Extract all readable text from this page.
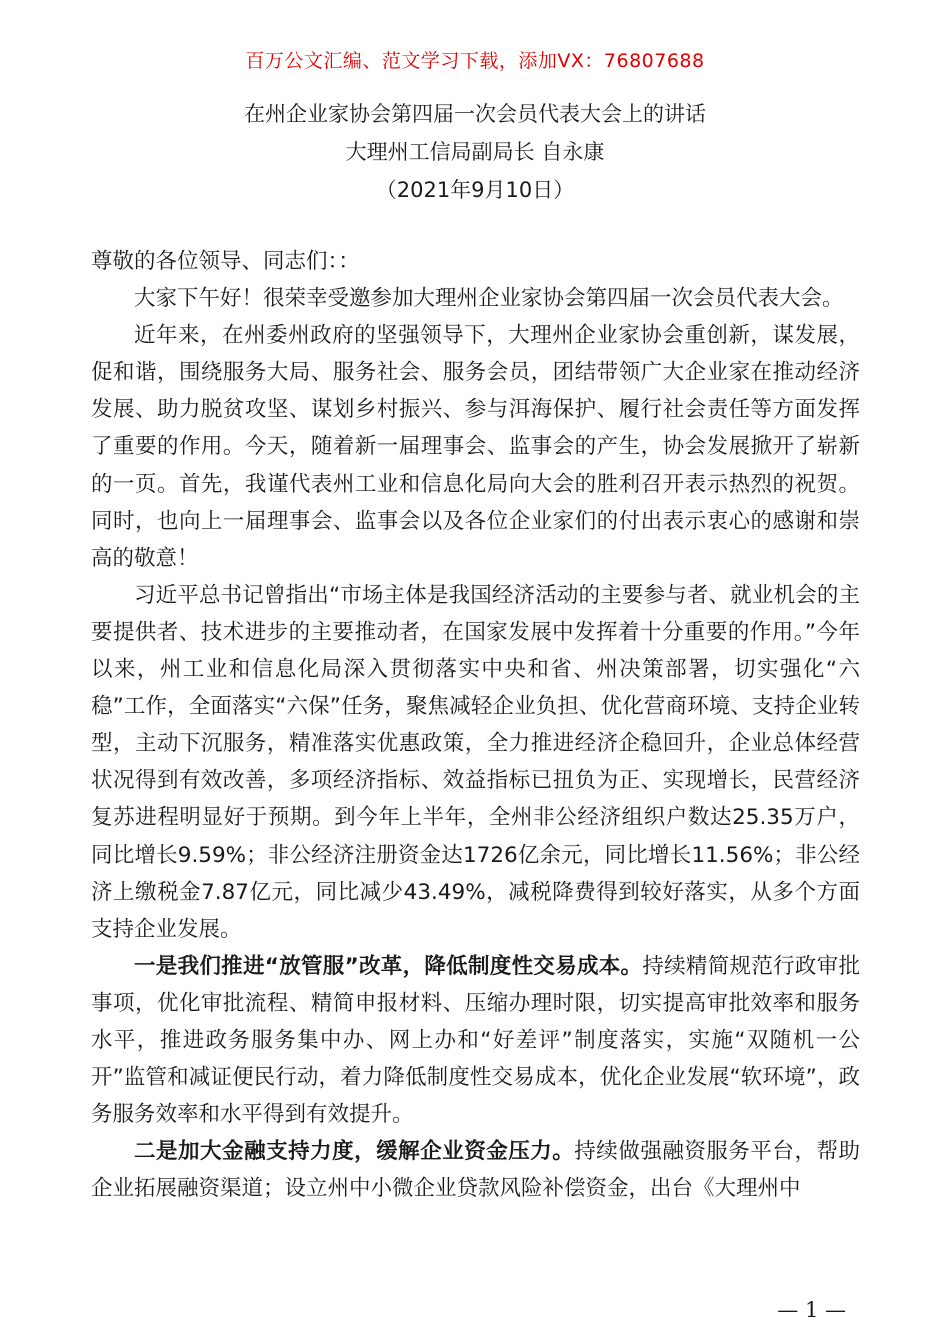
百万公文汇编、范文学习下载，添加VX：76807688
在州企业家协会第四届一次会员代表大会上的讲话
大理州工信局副局长 自永康
（2021年9月10日）

尊敬的各位领导、同志们：：

大家下午好！很荣幸受邀参加大理州企业家协会第四届一次会员代表大会。

近年来，在州委州政府的坚强领导下，大理州企业家协会重创新，谋发展，促和谐，围绕服务大局、服务社会、服务会员，团结带领广大企业家在推动经济发展、助力脱贫攻坚、谋划乡村振兴、参与洱海保护、履行社会责任等方面发挥了重要的作用。今天，随着新一届理事会、监事会的产生，协会发展掀开了崭新的一页。首先，我谨代表州工业和信息化局向大会的胜利召开表示热烈的祝贺。同时，也向上一届理事会、监事会以及各位企业家们的付出表示衷心的感谢和崇高的敬意！

习近平总书记曾指出“市场主体是我国经济活动的主要参与者、就业机会的主要提供者、技术进步的主要推动者，在国家发展中发挥着十分重要的作用。”今年以来，州工业和信息化局深入贯彻落实中央和省、州决策部署，切实强化“六稳”工作，全面落实“六保”任务，聚焦减轻企业负担、优化营商环境、支持企业转型，主动下沉服务，精准落实优惠政策，全力推进经济企稳回升，企业总体经营状况得到有效改善，多项经济指标、效益指标已扭负为正、实现增长，民营经济复苏进程明显好于预期。到今年上半年，全州非公经济组织户数达25.35万户，同比增长9.59%；非公经济注册资金达1726亿余元，同比增长11.56%；非公经济上缴税金7.87亿元，同比减少43.49%，减税降费得到较好落实，从多个方面支持企业发展。

一是我们推进“放管服”改革，降低制度性交易成本。持续精简规范行政审批事项，优化审批流程、精简申报材料、压缩办理时限，切实提高审批效率和服务水平，推进政务服务集中办、网上办和“好差评”制度落实，实施“双随机一公开”监管和减证便民行动，着力降低制度性交易成本，优化企业发展“软环境”，政务服务效率和水平得到有效提升。

二是加大金融支持力度，缓解企业资金压力。持续做强融资服务平台，帮助企业拓展融资渠道；设立州中小微企业贷款风险补偿资金，出台《大理州中

— 1 —
